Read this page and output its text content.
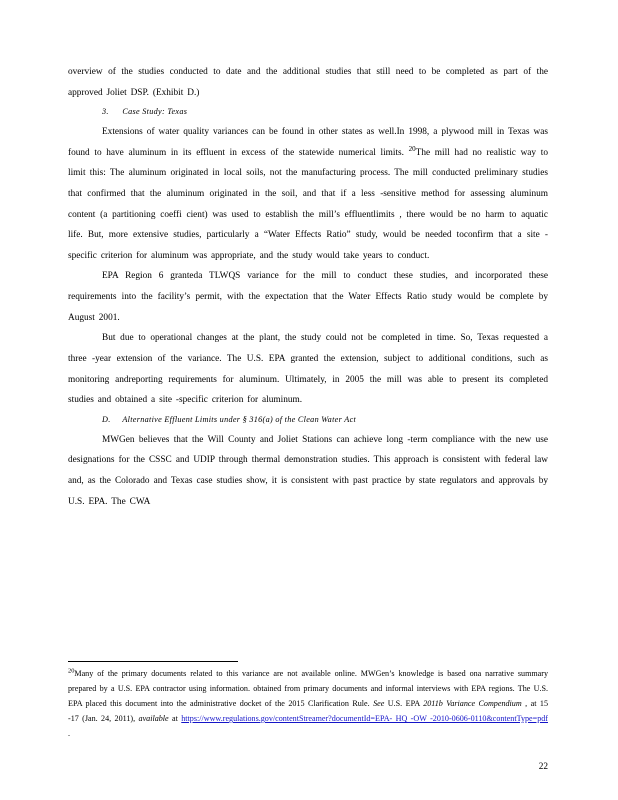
overview of the studies conducted to date and the additional studies that still need to be completed as part of the approved Joliet DSP. (Exhibit D.)

3. Case Study: Texas

Extensions of water quality variances can be found in other states as well.In 1998, a plywood mill in Texas was found to have aluminum in its effluent in excess of the statewide numerical limits. $^{20}$The mill had no realistic way to limit this: The aluminum originated in local soils, not the manufacturing process. The mill conducted preliminary studies that confirmed that the aluminum originated in the soil, and that if a less -sensitive method for assessing aluminum content (a partitioning coeffi cient) was used to establish the mill’s effluentlimits , there would be no harm to aquatic life. But, more extensive studies, particularly a “Water Effects Ratio” study, would be needed toconfirm that a site - specific criterion for aluminum was appropriate, and the study would take years to conduct.

EPA Region 6 granteda TLWQS variance for the mill to conduct these studies, and incorporated these requirements into the facility’s permit, with the expectation that the Water Effects Ratio study would be complete by August 2001.

But due to operational changes at the plant, the study could not be completed in time. So, Texas requested a three -year extension of the variance. The U.S. EPA granted the extension, subject to additional conditions, such as monitoring andreporting requirements for aluminum. Ultimately, in 2005 the mill was able to present its completed studies and obtained a site -specific criterion for aluminum.

D. Alternative Effluent Limits under § 316(a) of the Clean Water Act

MWGen believes that the Will County and Joliet Stations can achieve long -term compliance with the new use designations for the CSSC and UDIP through thermal demonstration studies. This approach is consistent with federal law and, as the Colorado and Texas case studies show, it is consistent with past practice by state regulators and approvals by U.S. EPA. The CWA

$^{20}$Many of the primary documents related to this variance are not available online. MWGen’s knowledge is based ona narrative summary prepared by a U.S. EPA contractor using information. obtained from primary documents and informal interviews with EPA regions. The U.S. EPA placed this document into the administrative docket of the 2015 Clarification Rule. See U.S. EPA 2011b Variance Compendium , at 15 -17 (Jan. 24, 2011), available at https://www.regulations.gov/contentStreamer?documentId=EPA- HQ -OW -2010-0606-0110&contentType=pdf .

22
